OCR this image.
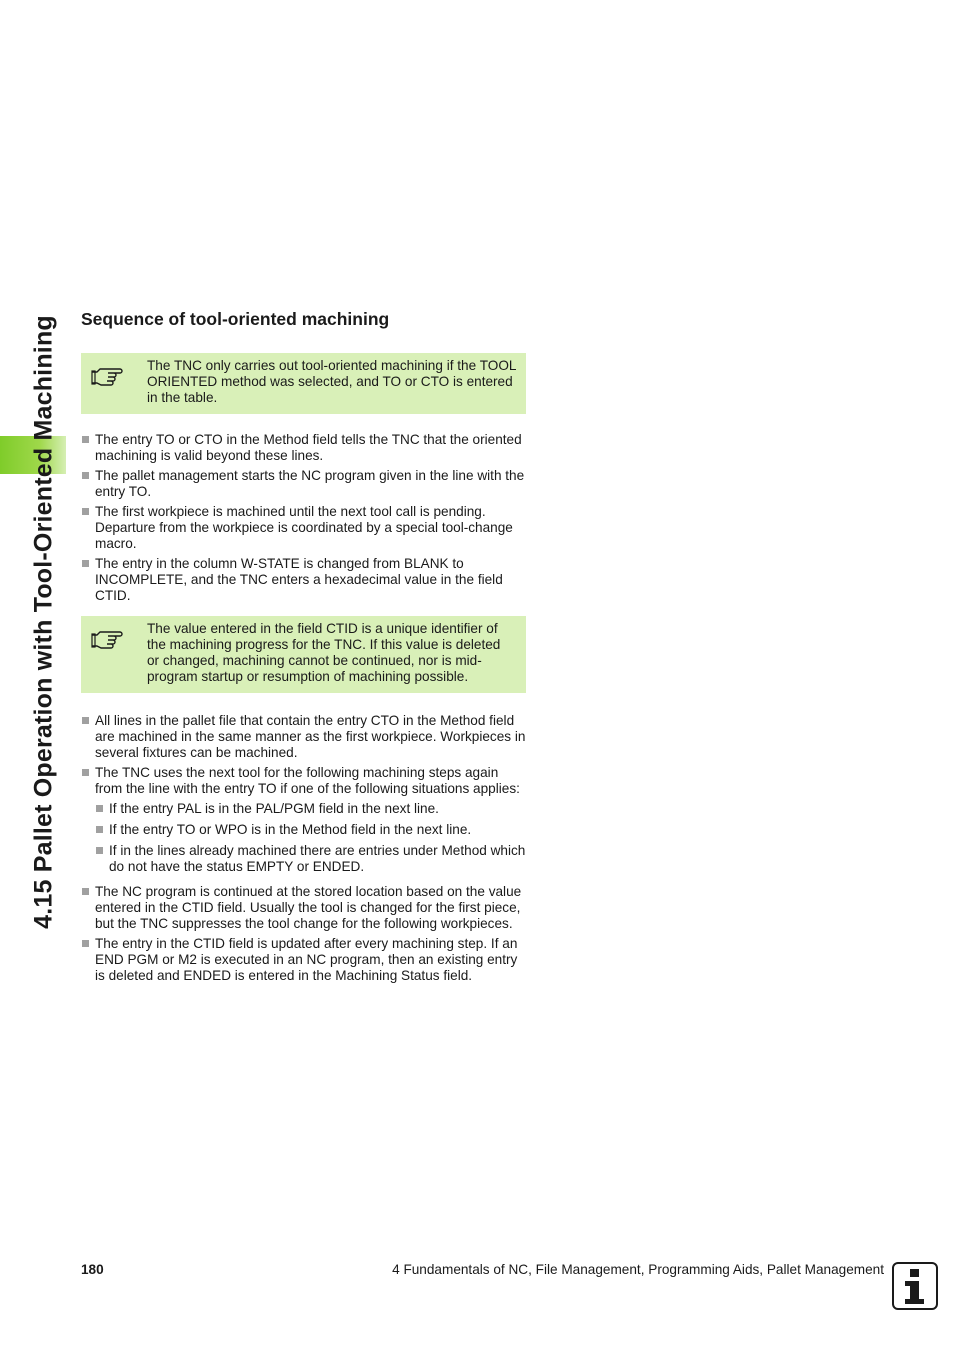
4.15 Pallet Operation with Tool-Oriented Machining Sequence of tool-oriented machining
The TNC only carries out tool-oriented machining if the TOOL ORIENTED method was selected, and TO or CTO is entered in the table.
The entry TO or CTO in the Method field tells the TNC that the oriented machining is valid beyond these lines.
The pallet management starts the NC program given in the line with the entry TO.
The first workpiece is machined until the next tool call is pending. Departure from the workpiece is coordinated by a special tool-change macro.
The entry in the column W-STATE is changed from BLANK to INCOMPLETE, and the TNC enters a hexadecimal value in the field CTID.
The value entered in the field CTID is a unique identifier of the machining progress for the TNC. If this value is deleted or changed, machining cannot be continued, nor is mid-program startup or resumption of machining possible.
All lines in the pallet file that contain the entry CTO in the Method field are machined in the same manner as the first workpiece. Workpieces in several fixtures can be machined.
The TNC uses the next tool for the following machining steps again from the line with the entry TO if one of the following situations applies:
If the entry PAL is in the PAL/PGM field in the next line.
If the entry TO or WPO is in the Method field in the next line.
If in the lines already machined there are entries under Method which do not have the status EMPTY or ENDED.
The NC program is continued at the stored location based on the value entered in the CTID field. Usually the tool is changed for the first piece, but the TNC suppresses the tool change for the following workpieces.
The entry in the CTID field is updated after every machining step. If an END PGM or M2 is executed in an NC program, then an existing entry is deleted and ENDED is entered in the Machining Status field.
180	4 Fundamentals of NC, File Management, Programming Aids, Pallet Management
